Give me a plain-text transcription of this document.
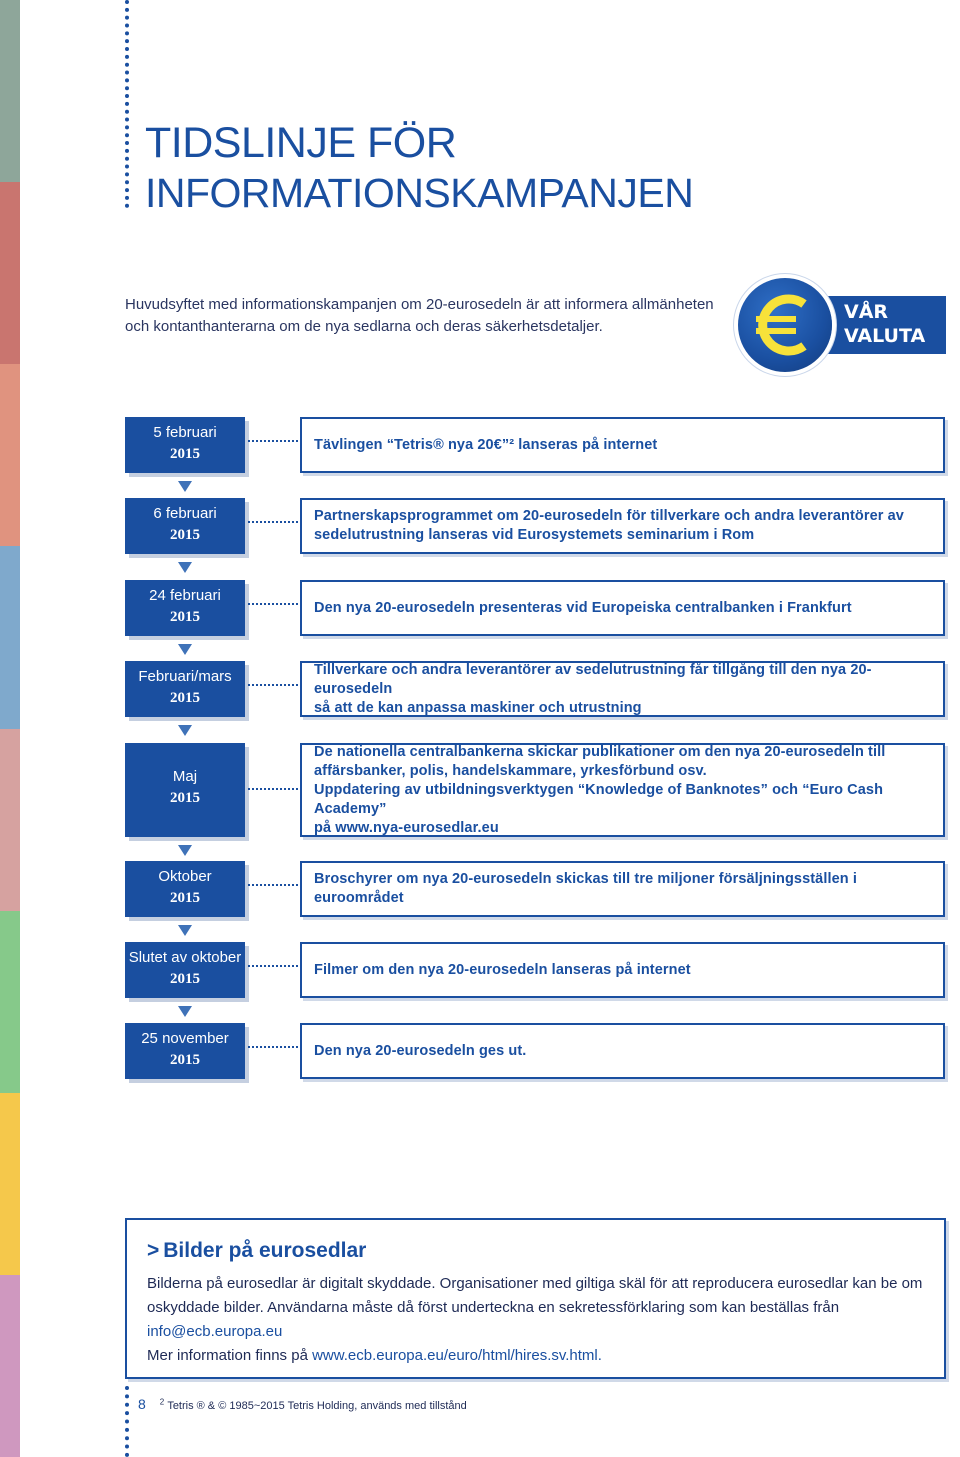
TIDSLINJE FÖR
INFORMATIONSKAMPANJEN

Huvudsyftet med informationskampanjen om 20-eurosedeln är att informera allmänheten och kontanthanterarna om de nya sedlarna och deras säkerhetsdetaljer.

VÅR
VALUTA
5 februari
2015

Tävlingen “Tetris® nya 20€”² lanseras på internet

6 februari
2015

Partnerskapsprogrammet om 20-eurosedeln för tillverkare och andra leverantörer av

sedelutrustning lanseras vid Eurosystemets seminarium i Rom

24 februari
2015

Den nya 20-eurosedeln presenteras vid Europeiska centralbanken i Frankfurt

Februari/mars
2015

Tillverkare och andra leverantörer av sedelutrustning får tillgång till den nya 20-eurosedeln

så att de kan anpassa maskiner och utrustning

Maj
2015

De nationella centralbankerna skickar publikationer om den nya 20-eurosedeln till

affärsbanker, polis, handelskammare, yrkesförbund osv.

Uppdatering av utbildningsverktygen “Knowledge of Banknotes” och “Euro Cash Academy”

på www.nya-eurosedlar.eu

Oktober
2015

Broschyrer om nya 20-eurosedeln skickas till tre miljoner försäljningsställen i euroområdet

Slutet av oktober
2015

Filmer om den nya 20-eurosedeln lanseras på internet

25 november
2015

Den nya 20-eurosedeln ges ut.

> Bilder på eurosedlar

Bilderna på eurosedlar är digitalt skyddade. Organisationer med giltiga skäl för att reproducera eurosedlar kan be om oskyddade bilder. Användarna måste då först underteckna en sekretessförklaring som kan beställas från
info@ecb.europa.eu

Mer information finns på www.ecb.europa.eu/euro/html/hires.sv.html.

8 $^2$ Tetris ® & © 1985~2015 Tetris Holding, används med tillstånd
